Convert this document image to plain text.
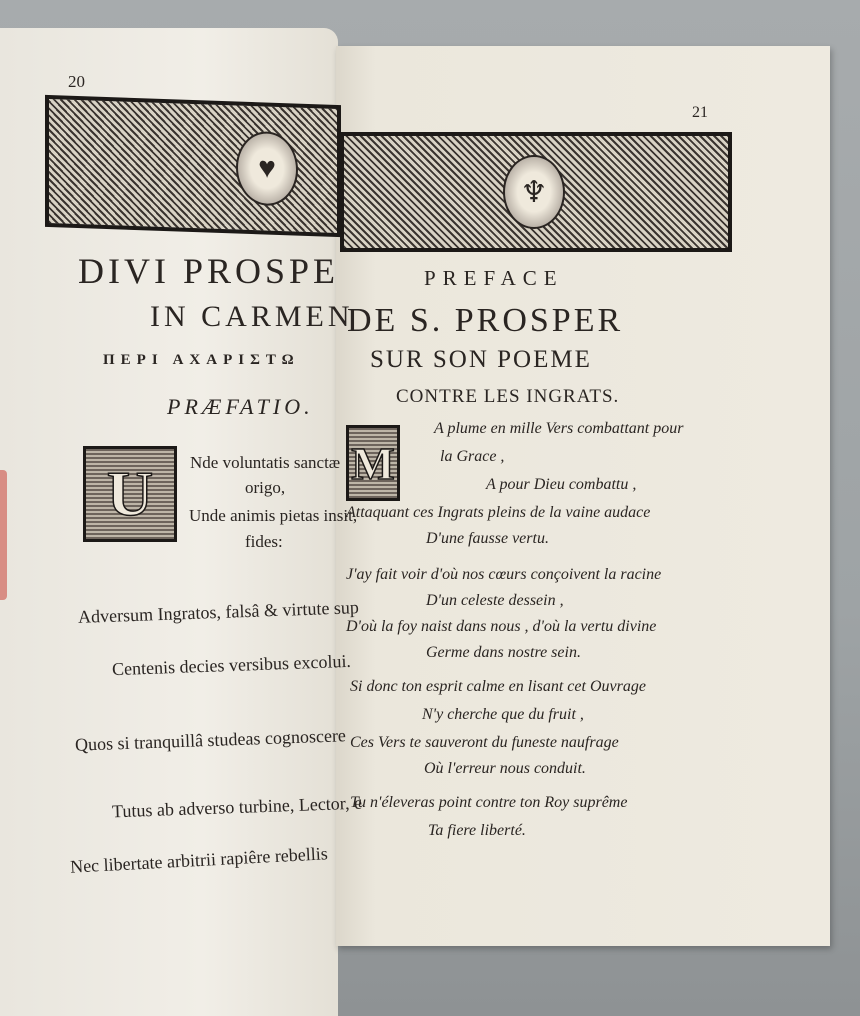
20
♥
DIVI PROSPE
IN CARMEN
ΠΕΡΙ ΑΧΑΡΙΣΤΩ
PRÆFATIO.
U	Nde voluntatis sanctæ
origo,
Unde animis pietas insit,
fides:
Adversum Ingratos, falsâ & virtute sup
Centenis decies versibus excolui.
Quos si tranquillâ studeas cognoscere
Tutus ab adverso turbine, Lector, e
Nec libertate arbitrii rapiêre rebellis
21
♆
PREFACE
DE S. PROSPER
SUR SON POEME
CONTRE LES INGRATS.
M
A plume en mille Vers combattant pour
la Grace ,
A pour Dieu combattu ,
Attaquant ces Ingrats pleins de la vaine audace
D'une fausse vertu.
J'ay fait voir d'où nos cœurs conçoivent la racine
D'un celeste dessein ,
D'où la foy naist dans nous , d'où la vertu divine
Germe dans nostre sein.
Si donc ton esprit calme en lisant cet Ouvrage
N'y cherche que du fruit ,
Ces Vers te sauveront du funeste naufrage
Où l'erreur nous conduit.
Tu n'éleveras point contre ton Roy suprême
Ta fiere liberté.
